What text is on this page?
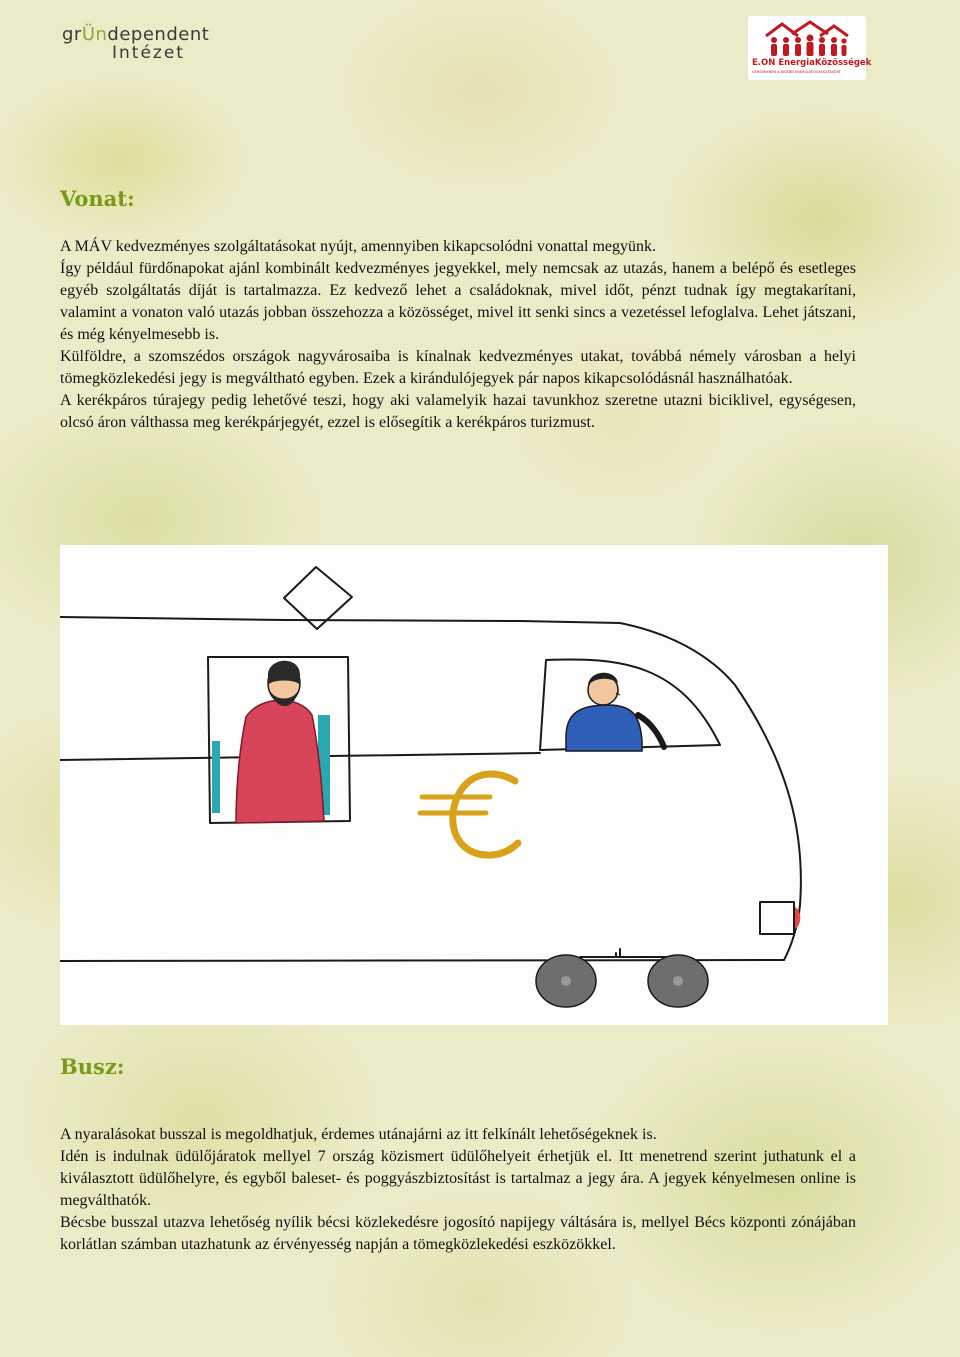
grÜndependent
Intézet	E.ON EnergiaKözösségek
VERSENYBEN A KISEBB ENERGIAFOGYASZTÁSÉRT
Vonat:

A MÁV kedvezményes szolgáltatásokat nyújt, amennyiben kikapcsolódni vonattal megyünk.

Így például fürdőnapokat ajánl kombinált kedvezményes jegyekkel, mely nemcsak az utazás, hanem a belépő és esetleges egyéb szolgáltatás díját is tartalmazza. Ez kedvező lehet a családoknak, mivel időt, pénzt tudnak így megtakarítani, valamint a vonaton való utazás jobban összehozza a közösséget, mivel itt senki sincs a vezetéssel lefoglalva. Lehet játszani, és még kényelmesebb is.

Külföldre, a szomszédos országok nagyvárosaiba is kínalnak kedvezményes utakat, továbbá némely városban a helyi tömegközlekedési jegy is megváltható egyben. Ezek a kirándulójegyek pár napos kikapcsolódásnál használhatóak.

A kerékpáros túrajegy pedig lehetővé teszi, hogy aki valamelyik hazai tavunkhoz szeretne utazni biciklivel, egységesen, olcsó áron válthassa meg kerékpárjegyét, ezzel is elősegítik a kerékpáros turizmust.

Busz:

A nyaralásokat busszal is megoldhatjuk, érdemes utánajárni az itt felkínált lehetőségeknek is.

Idén is indulnak üdülőjáratok mellyel 7 ország közismert üdülőhelyeit érhetjük el. Itt menetrend szerint juthatunk el a kiválasztott üdülőhelyre, és egyből baleset- és poggyászbiztosítást is tartalmaz a jegy ára. A jegyek kényelmesen online is megválthatók.

Bécsbe busszal utazva lehetőség nyílik bécsi közlekedésre jogosító napijegy váltására is, mellyel Bécs központi zónájában korlátlan számban utazhatunk az érvényesség napján a tömegközlekedési eszközökkel.
